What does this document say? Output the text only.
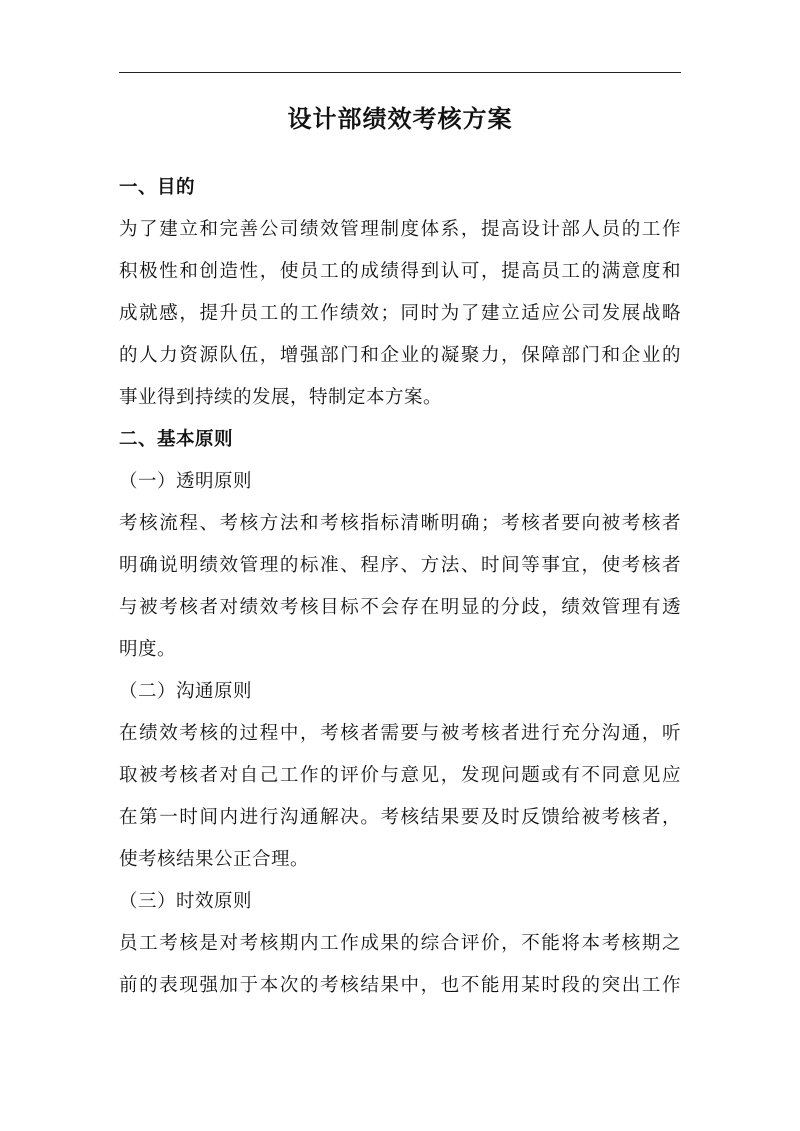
设计部绩效考核方案
一、目的
为了建立和完善公司绩效管理制度体系，提高设计部人员的工作
积极性和创造性，使员工的成绩得到认可，提高员工的满意度和
成就感，提升员工的工作绩效；同时为了建立适应公司发展战略
的人力资源队伍，增强部门和企业的凝聚力，保障部门和企业的
事业得到持续的发展，特制定本方案。
二、基本原则
（一）透明原则
考核流程、考核方法和考核指标清晰明确；考核者要向被考核者
明确说明绩效管理的标准、程序、方法、时间等事宜，使考核者
与被考核者对绩效考核目标不会存在明显的分歧，绩效管理有透
明度。
（二）沟通原则
在绩效考核的过程中，考核者需要与被考核者进行充分沟通，听
取被考核者对自己工作的评价与意见，发现问题或有不同意见应
在第一时间内进行沟通解决。考核结果要及时反馈给被考核者，
使考核结果公正合理。
（三）时效原则
员工考核是对考核期内工作成果的综合评价，不能将本考核期之
前的表现强加于本次的考核结果中，也不能用某时段的突出工作
